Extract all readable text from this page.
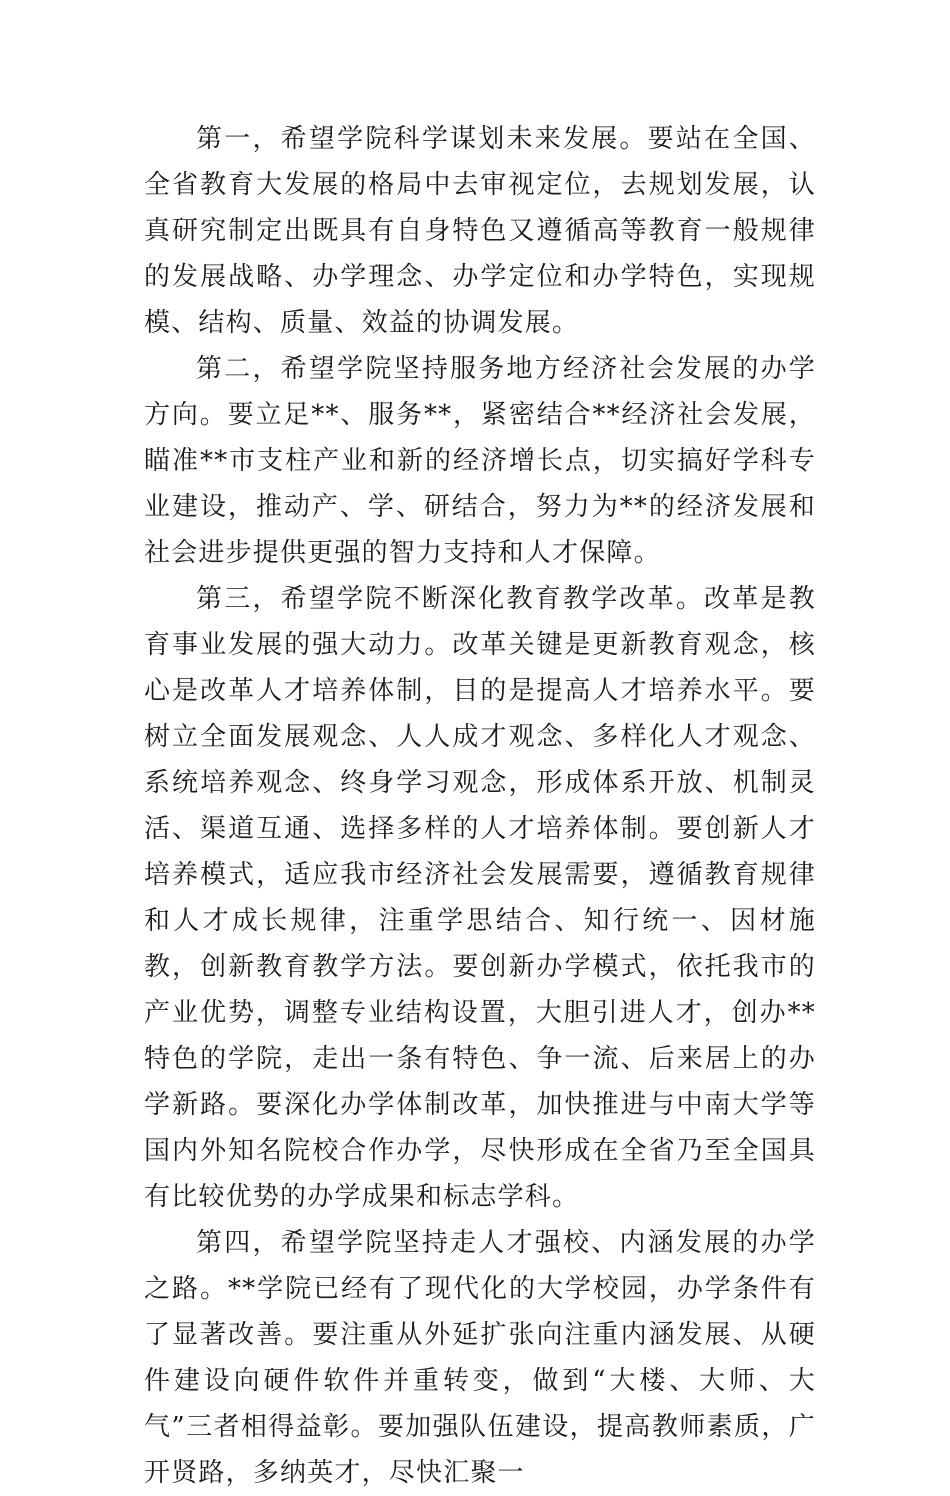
第一，希望学院科学谋划未来发展。要站在全国、全省教育大发展的格局中去审视定位，去规划发展，认真研究制定出既具有自身特色又遵循高等教育一般规律的发展战略、办学理念、办学定位和办学特色，实现规模、结构、质量、效益的协调发展。

第二，希望学院坚持服务地方经济社会发展的办学方向。要立足**、服务**，紧密结合**经济社会发展，瞄准**市支柱产业和新的经济增长点，切实搞好学科专业建设，推动产、学、研结合，努力为**的经济发展和社会进步提供更强的智力支持和人才保障。

第三，希望学院不断深化教育教学改革。改革是教育事业发展的强大动力。改革关键是更新教育观念，核心是改革人才培养体制，目的是提高人才培养水平。要树立全面发展观念、人人成才观念、多样化人才观念、系统培养观念、终身学习观念，形成体系开放、机制灵活、渠道互通、选择多样的人才培养体制。要创新人才培养模式，适应我市经济社会发展需要，遵循教育规律和人才成长规律，注重学思结合、知行统一、因材施教，创新教育教学方法。要创新办学模式，依托我市的产业优势，调整专业结构设置，大胆引进人才，创办**特色的学院，走出一条有特色、争一流、后来居上的办学新路。要深化办学体制改革，加快推进与中南大学等国内外知名院校合作办学，尽快形成在全省乃至全国具有比较优势的办学成果和标志学科。

第四，希望学院坚持走人才强校、内涵发展的办学之路。**学院已经有了现代化的大学校园，办学条件有了显著改善。要注重从外延扩张向注重内涵发展、从硬件建设向硬件软件并重转变，做到“大楼、大师、大气”三者相得益彰。要加强队伍建设，提高教师素质，广开贤路，多纳英才，尽快汇聚一
